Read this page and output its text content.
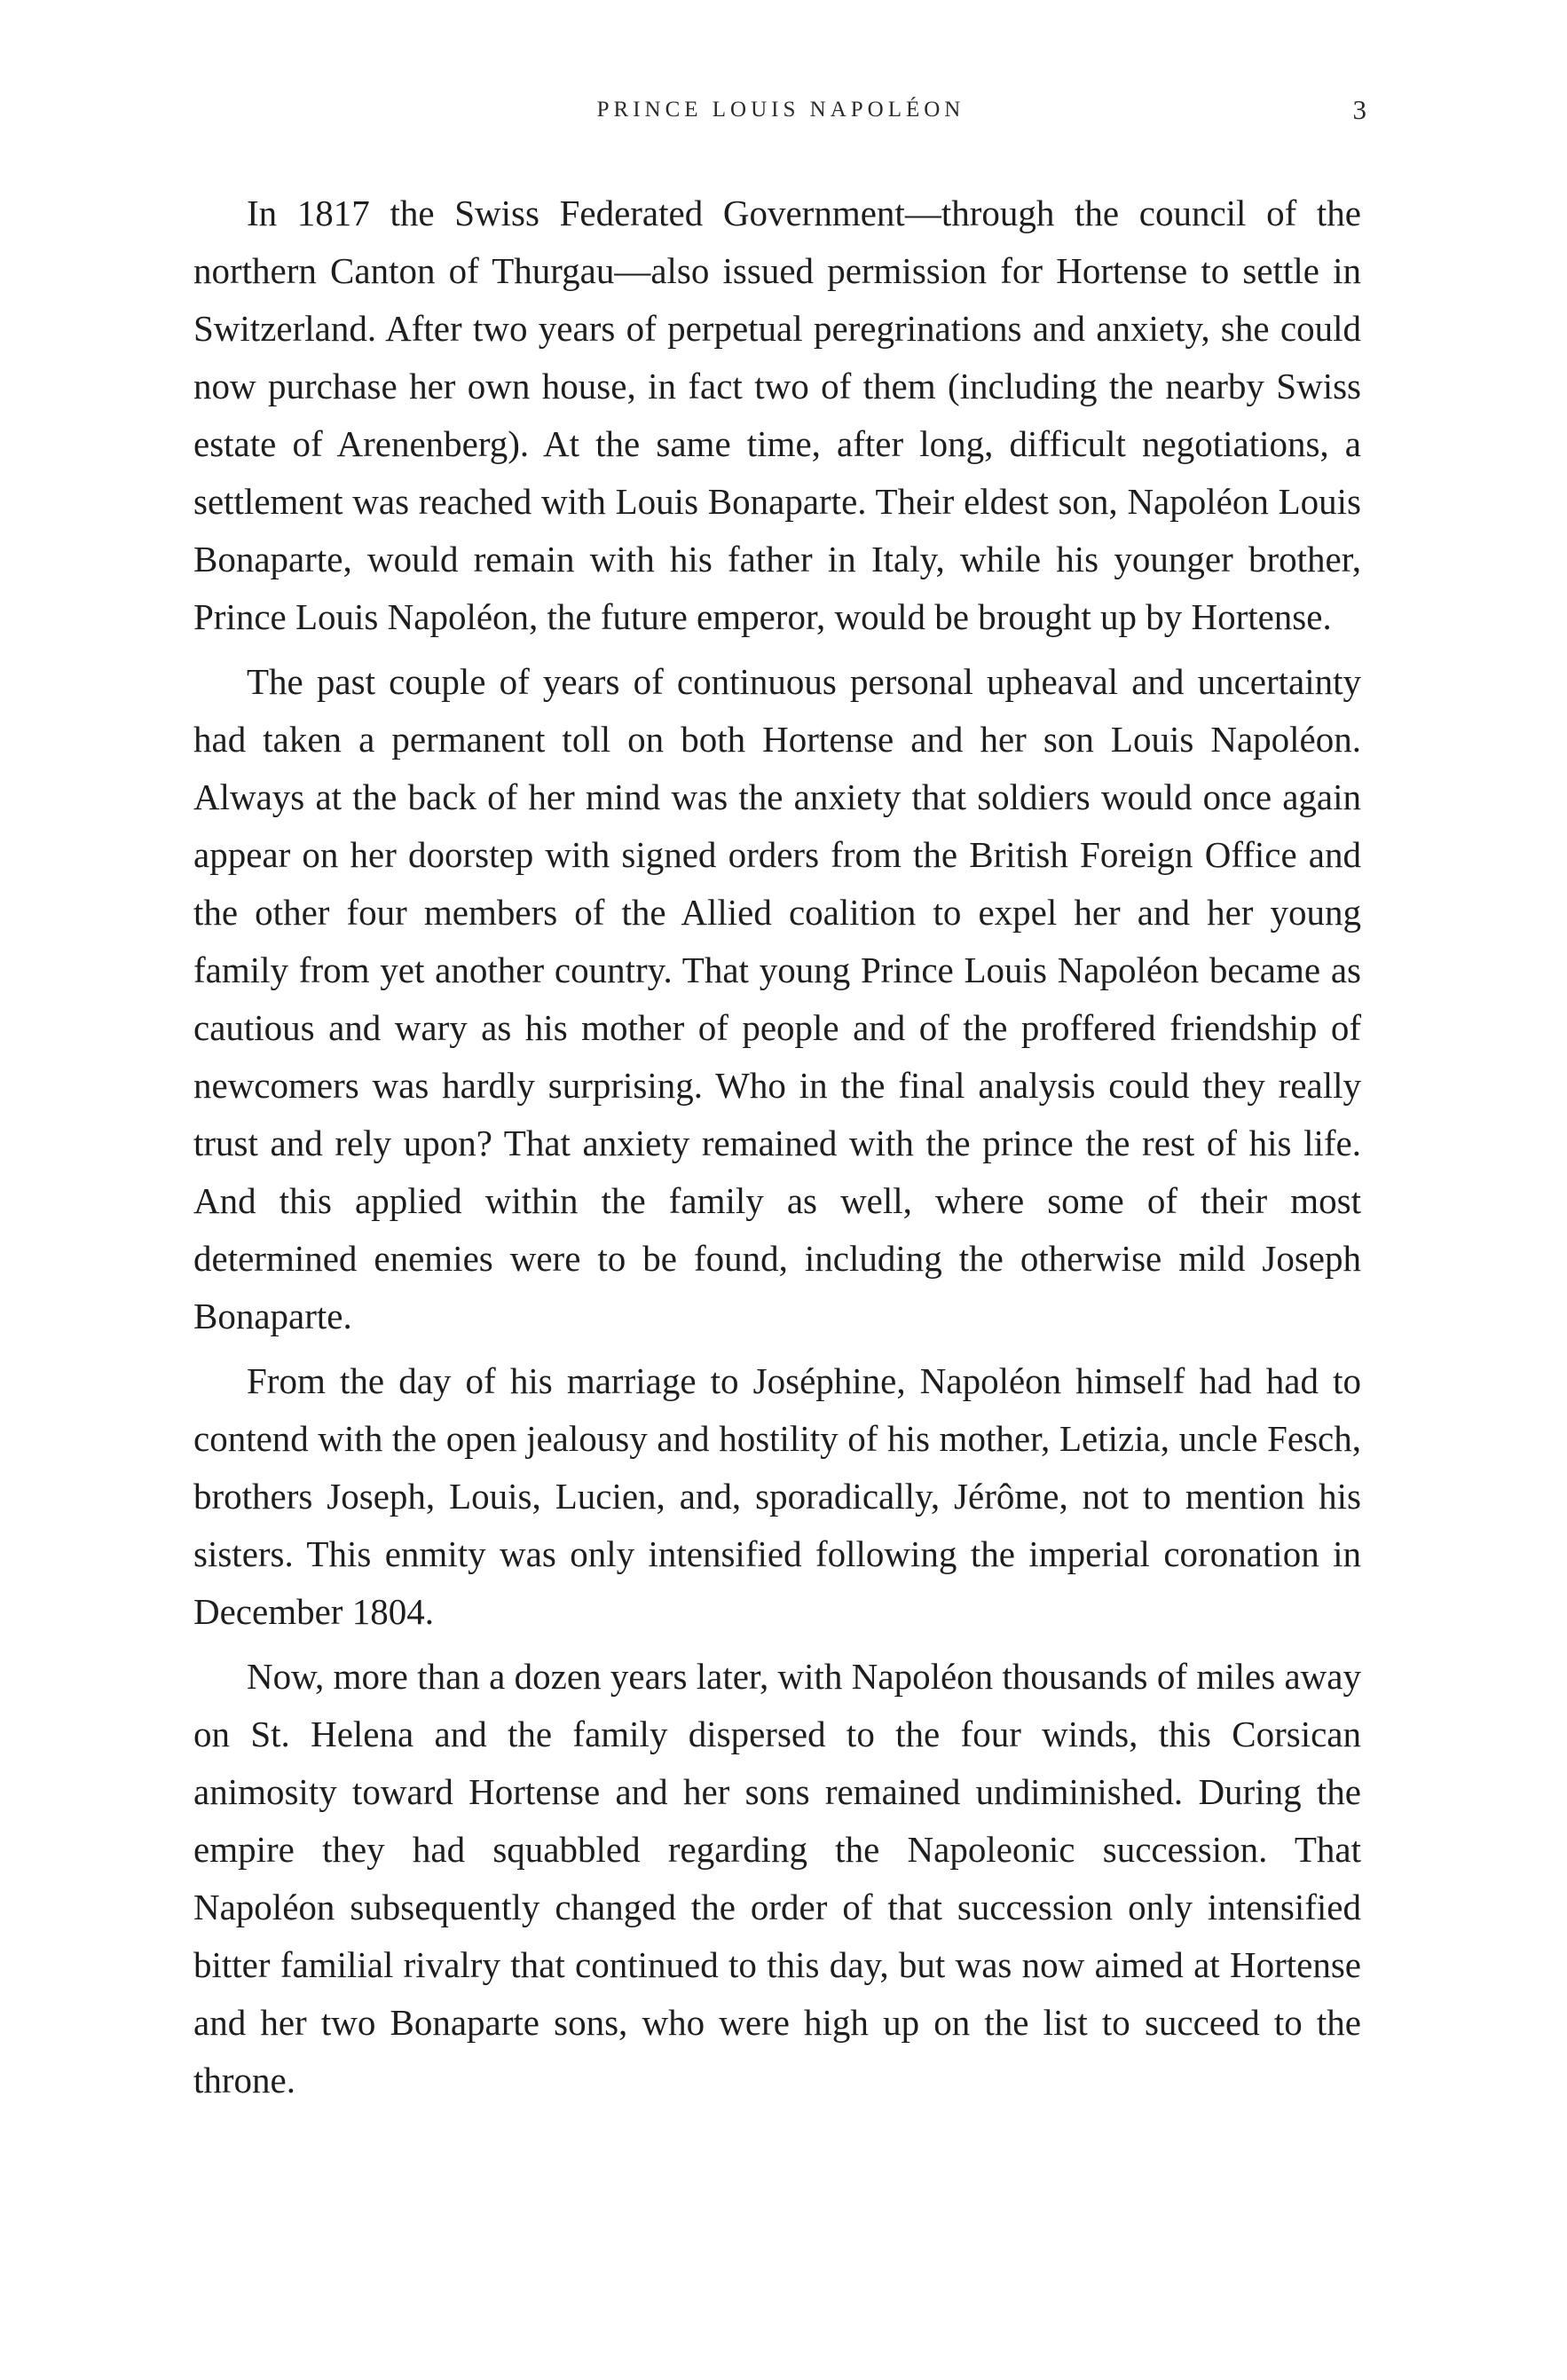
PRINCE LOUIS NAPOLÉON	3

In 1817 the Swiss Federated Government—through the council of the northern Canton of Thurgau—also issued permission for Hortense to settle in Switzerland. After two years of perpetual peregrinations and anxiety, she could now purchase her own house, in fact two of them (including the nearby Swiss estate of Arenenberg). At the same time, after long, difficult negotiations, a settlement was reached with Louis Bonaparte. Their eldest son, Napoléon Louis Bonaparte, would remain with his father in Italy, while his younger brother, Prince Louis Napoléon, the future emperor, would be brought up by Hortense.

The past couple of years of continuous personal upheaval and uncertainty had taken a permanent toll on both Hortense and her son Louis Napoléon. Always at the back of her mind was the anxiety that soldiers would once again appear on her doorstep with signed orders from the British Foreign Office and the other four members of the Allied coalition to expel her and her young family from yet another country. That young Prince Louis Napoléon became as cautious and wary as his mother of people and of the proffered friendship of newcomers was hardly surprising. Who in the final analysis could they really trust and rely upon? That anxiety remained with the prince the rest of his life. And this applied within the family as well, where some of their most determined enemies were to be found, including the otherwise mild Joseph Bonaparte.

From the day of his marriage to Joséphine, Napoléon himself had had to contend with the open jealousy and hostility of his mother, Letizia, uncle Fesch, brothers Joseph, Louis, Lucien, and, sporadically, Jérôme, not to mention his sisters. This enmity was only intensified following the imperial coronation in December 1804.

Now, more than a dozen years later, with Napoléon thousands of miles away on St. Helena and the family dispersed to the four winds, this Corsican animosity toward Hortense and her sons remained undiminished. During the empire they had squabbled regarding the Napoleonic succession. That Napoléon subsequently changed the order of that succession only intensified bitter familial rivalry that continued to this day, but was now aimed at Hortense and her two Bonaparte sons, who were high up on the list to succeed to the throne.
